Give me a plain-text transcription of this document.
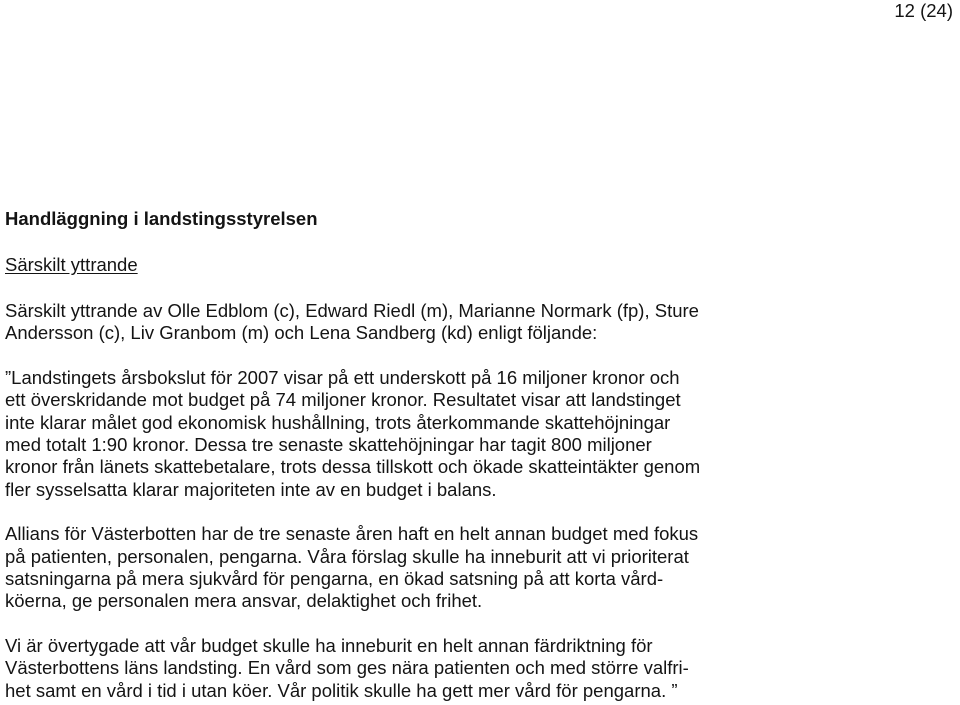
12 (24)
Handläggning i landstingsstyrelsen

Särskilt yttrande

Särskilt yttrande av Olle Edblom (c), Edward Riedl (m), Marianne Normark (fp), Sture
Andersson (c), Liv Granbom (m) och Lena Sandberg (kd) enligt följande:

”Landstingets årsbokslut för 2007 visar på ett underskott på 16 miljoner kronor och
ett överskridande mot budget på 74 miljoner kronor. Resultatet visar att landstinget
inte klarar målet god ekonomisk hushållning, trots återkommande skattehöjningar
med totalt 1:90 kronor. Dessa tre senaste skattehöjningar har tagit 800 miljoner
kronor från länets skattebetalare, trots dessa tillskott och ökade skatteintäkter genom
fler sysselsatta klarar majoriteten inte av en budget i balans.

Allians för Västerbotten har de tre senaste åren haft en helt annan budget med fokus
på patienten, personalen, pengarna. Våra förslag skulle ha inneburit att vi prioriterat
satsningarna på mera sjukvård för pengarna, en ökad satsning på att korta vård-
köerna, ge personalen mera ansvar, delaktighet och frihet.

Vi är övertygade att vår budget skulle ha inneburit en helt annan färdriktning för
Västerbottens läns landsting. En vård som ges nära patienten och med större valfri-
het samt en vård i tid i utan köer. Vår politik skulle ha gett mer vård för pengarna. ”
